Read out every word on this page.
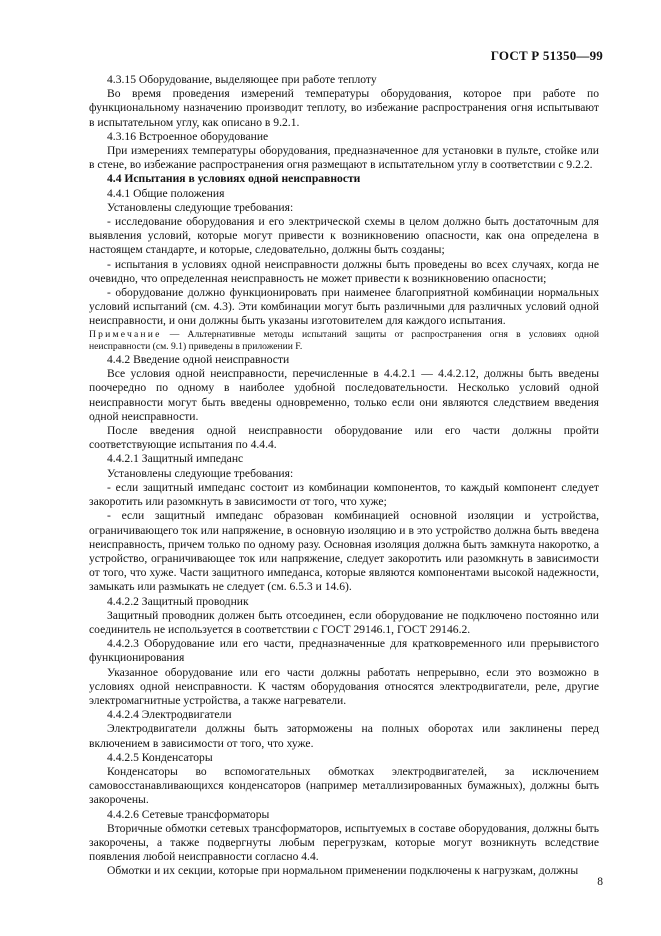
ГОСТ Р 51350—99

4.3.15 Оборудование, выделяющее при работе теплоту

Во время проведения измерений температуры оборудования, которое при работе по функциональному назначению производит теплоту, во избежание распространения огня испытывают в испытательном углу, как описано в 9.2.1.

4.3.16 Встроенное оборудование

При измерениях температуры оборудования, предназначенное для установки в пульте, стойке или в стене, во избежание распространения огня размещают в испытательном углу в соответствии с 9.2.2.

4.4 Испытания в условиях одной неисправности

4.4.1 Общие положения

Установлены следующие требования:

- исследование оборудования и его электрической схемы в целом должно быть достаточным для выявления условий, которые могут привести к возникновению опасности, как она определена в настоящем стандарте, и которые, следовательно, должны быть созданы;

- испытания в условиях одной неисправности должны быть проведены во всех случаях, когда не очевидно, что определенная неисправность не может привести к возникновению опасности;

- оборудование должно функционировать при наименее благоприятной комбинации нормальных условий испытаний (см. 4.3). Эти комбинации могут быть различными для различных условий одной неисправности, и они должны быть указаны изготовителем для каждого испытания.

Примечание — Альтернативные методы испытаний защиты от распространения огня в условиях одной неисправности (см. 9.1) приведены в приложении F.

4.4.2 Введение одной неисправности

Все условия одной неисправности, перечисленные в 4.4.2.1 — 4.4.2.12, должны быть введены поочередно по одному в наиболее удобной последовательности. Несколько условий одной неисправности могут быть введены одновременно, только если они являются следствием введения одной неисправности.

После введения одной неисправности оборудование или его части должны пройти соответствующие испытания по 4.4.4.

4.4.2.1 Защитный импеданс

Установлены следующие требования:

- если защитный импеданс состоит из комбинации компонентов, то каждый компонент следует закоротить или разомкнуть в зависимости от того, что хуже;

- если защитный импеданс образован комбинацией основной изоляции и устройства, ограничивающего ток или напряжение, в основную изоляцию и в это устройство должна быть введена неисправность, причем только по одному разу. Основная изоляция должна быть замкнута накоротко, а устройство, ограничивающее ток или напряжение, следует закоротить или разомкнуть в зависимости от того, что хуже. Части защитного импеданса, которые являются компонентами высокой надежности, замыкать или размыкать не следует (см. 6.5.3 и 14.6).

4.4.2.2 Защитный проводник

Защитный проводник должен быть отсоединен, если оборудование не подключено постоянно или соединитель не используется в соответствии с ГОСТ 29146.1, ГОСТ 29146.2.

4.4.2.3 Оборудование или его части, предназначенные для кратковременного или прерывистого функционирования

Указанное оборудование или его части должны работать непрерывно, если это возможно в условиях одной неисправности. К частям оборудования относятся электродвигатели, реле, другие электромагнитные устройства, а также нагреватели.

4.4.2.4 Электродвигатели

Электродвигатели должны быть заторможены на полных оборотах или заклинены перед включением в зависимости от того, что хуже.

4.4.2.5 Конденсаторы

Конденсаторы во вспомогательных обмотках электродвигателей, за исключением самовосстанавливающихся конденсаторов (например металлизированных бумажных), должны быть закорочены.

4.4.2.6 Сетевые трансформаторы

Вторичные обмотки сетевых трансформаторов, испытуемых в составе оборудования, должны быть закорочены, а также подвергнуты любым перегрузкам, которые могут возникнуть вследствие появления любой неисправности согласно 4.4.

Обмотки и их секции, которые при нормальном применении подключены к нагрузкам, должны

8
